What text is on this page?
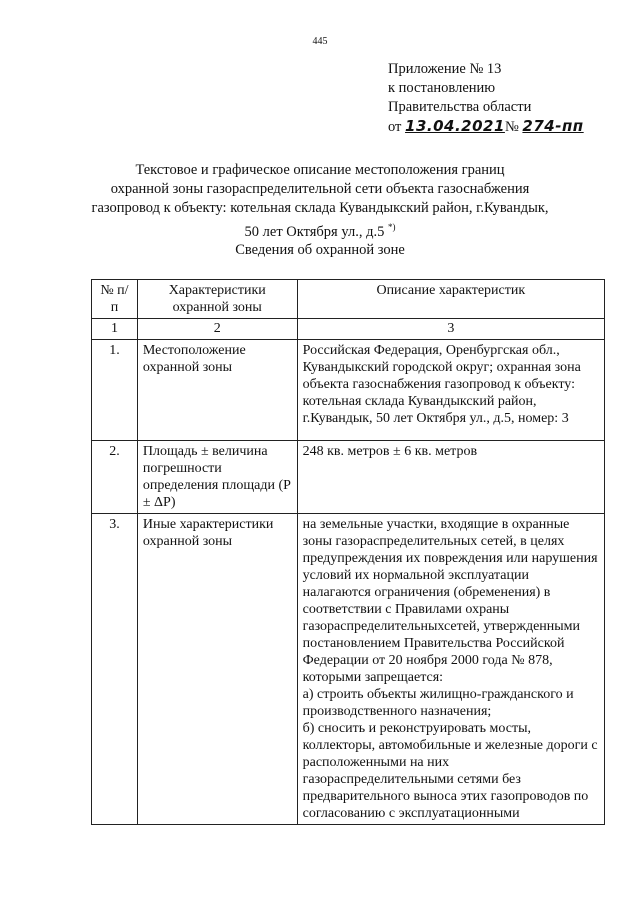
445
Приложение № 13
к постановлению
Правительства области
от 13.04.2021№ 274-пп
Текстовое и графическое описание местоположения границ
охранной зоны газораспределительной сети объекта газоснабжения
газопровод к объекту: котельная склада Кувандыкский район, г.Кувандык,
50 лет Октября ул., д.5 *)
Сведения об охранной зоне
№ п/п	Характеристики охранной зоны	Описание характеристик
1	2	3
1.	Местоположение охранной зоны	Российская Федерация, Оренбургская обл., Кувандыкский городской округ; охранная зона объекта газоснабжения газопровод к объекту: котельная склада Кувандыкский район, г.Кувандык, 50 лет Октября ул., д.5, номер: 3
2.	Площадь ± величина погрешности определения площади (P ± ΔP)	248 кв. метров ± 6 кв. метров
3.	Иные характеристики охранной зоны	на земельные участки, входящие в охранные зоны газораспределительных сетей, в целях предупреждения их повреждения или нарушения условий их нормальной эксплуатации налагаются ограничения (обременения) в соответствии с Правилами охраны газораспределительныхсетей, утвержденными постановлением Правительства Российской Федерации от 20 ноября 2000 года № 878, которыми запрещается:
а) строить объекты жилищно-гражданского и производственного назначения;
б) сносить и реконструировать мосты, коллекторы, автомобильные и железные дороги с расположенными на них газораспределительными сетями без предварительного выноса этих газопроводов по согласованию с эксплуатационными
